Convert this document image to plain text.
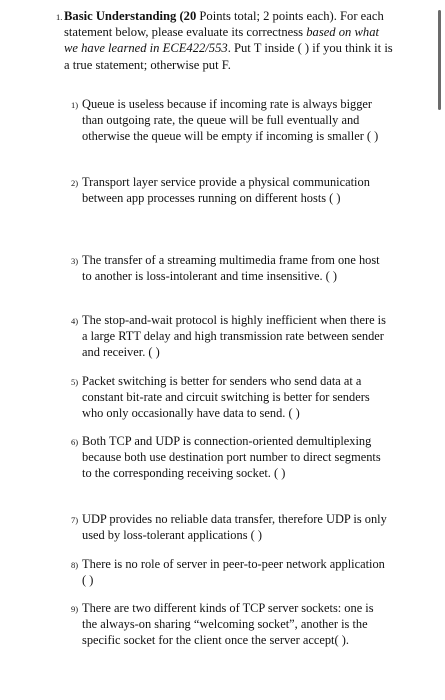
1. Basic Understanding (20 Points total; 2 points each). For each statement below, please evaluate its correctness based on what we have learned in ECE422/553. Put T inside ( ) if you think it is a true statement; otherwise put F.
1) Queue is useless because if incoming rate is always bigger than outgoing rate, the queue will be full eventually and otherwise the queue will be empty if incoming is smaller ( )
2) Transport layer service provide a physical communication between app processes running on different hosts ( )
3) The transfer of a streaming multimedia frame from one host to another is loss-intolerant and time insensitive. ( )
4) The stop-and-wait protocol is highly inefficient when there is a large RTT delay and high transmission rate between sender and receiver. ( )
5) Packet switching is better for senders who send data at a constant bit-rate and circuit switching is better for senders who only occasionally have data to send. ( )
6) Both TCP and UDP is connection-oriented demultiplexing because both use destination port number to direct segments to the corresponding receiving socket. ( )
7) UDP provides no reliable data transfer, therefore UDP is only used by loss-tolerant applications ( )
8) There is no role of server in peer-to-peer network application ( )
9) There are two different kinds of TCP server sockets: one is the always-on sharing “welcoming socket”, another is the specific socket for the client once the server accept( ).
